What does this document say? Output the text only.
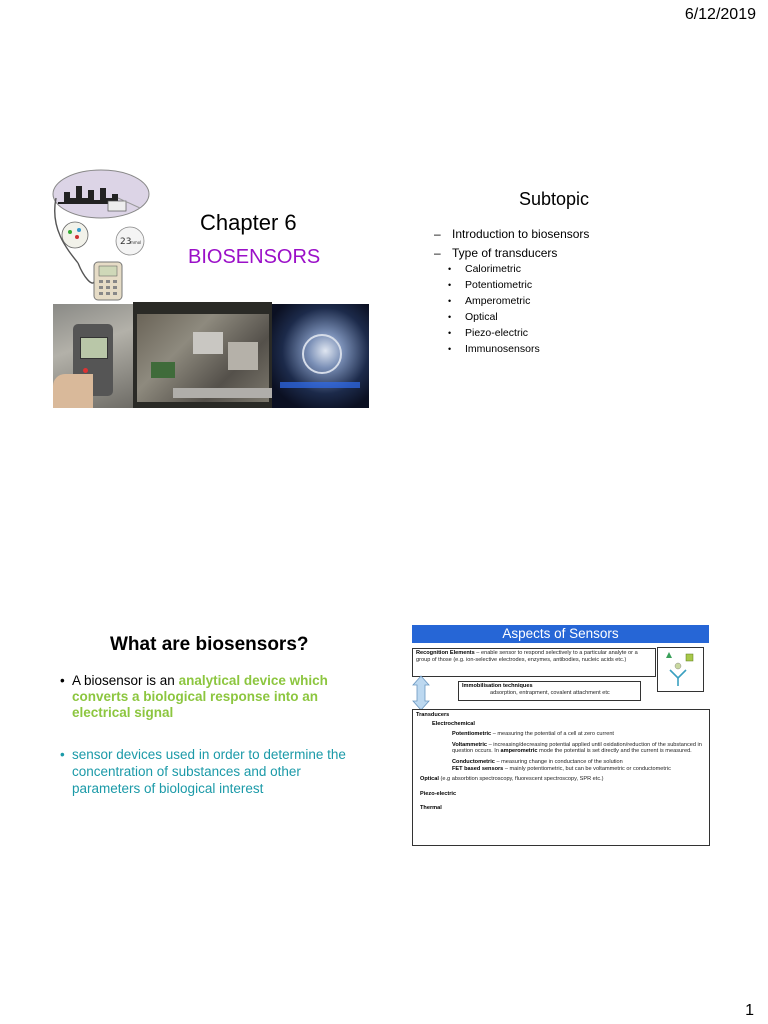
6/12/2019
1
23
mmol
Chapter 6
BIOSENSORS
Subtopic
– Introduction to biosensors
– Type of transducers
• Calorimetric
• Potentiometric
• Amperometric
• Optical
• Piezo-electric
• Immunosensors
What are biosensors?
• A biosensor is an analytical device which converts a biological response into an electrical signal
• sensor devices used in order to determine the concentration of substances and other parameters of biological interest
Aspects of Sensors
Recognition Elements – enable sensor to respond selectively to a particular analyte or a group of those (e.g. ion-selective electrodes, enzymes, antibodies, nucleic acids etc.)
Immobilisation techniques
adsorption, entrapment, covalent attachment etc
Transducers
Electrochemical
Potentiometric – measuring the potential of a cell at zero current
Voltammetric – increasing/decreasing potential applied until oxidation/reduction of the substanced in question occurs. In amperometric mode the potential is set directly and the current is measured.
Conductometric – measuring change in conductance of the solution
FET based sensors – mainly potentiometric, but can be voltammetric or conductometric
Optical (e.g absorbtion spectroscopy, fluorescent spectroscopy, SPR etc.)
Piezo-electric
Thermal
